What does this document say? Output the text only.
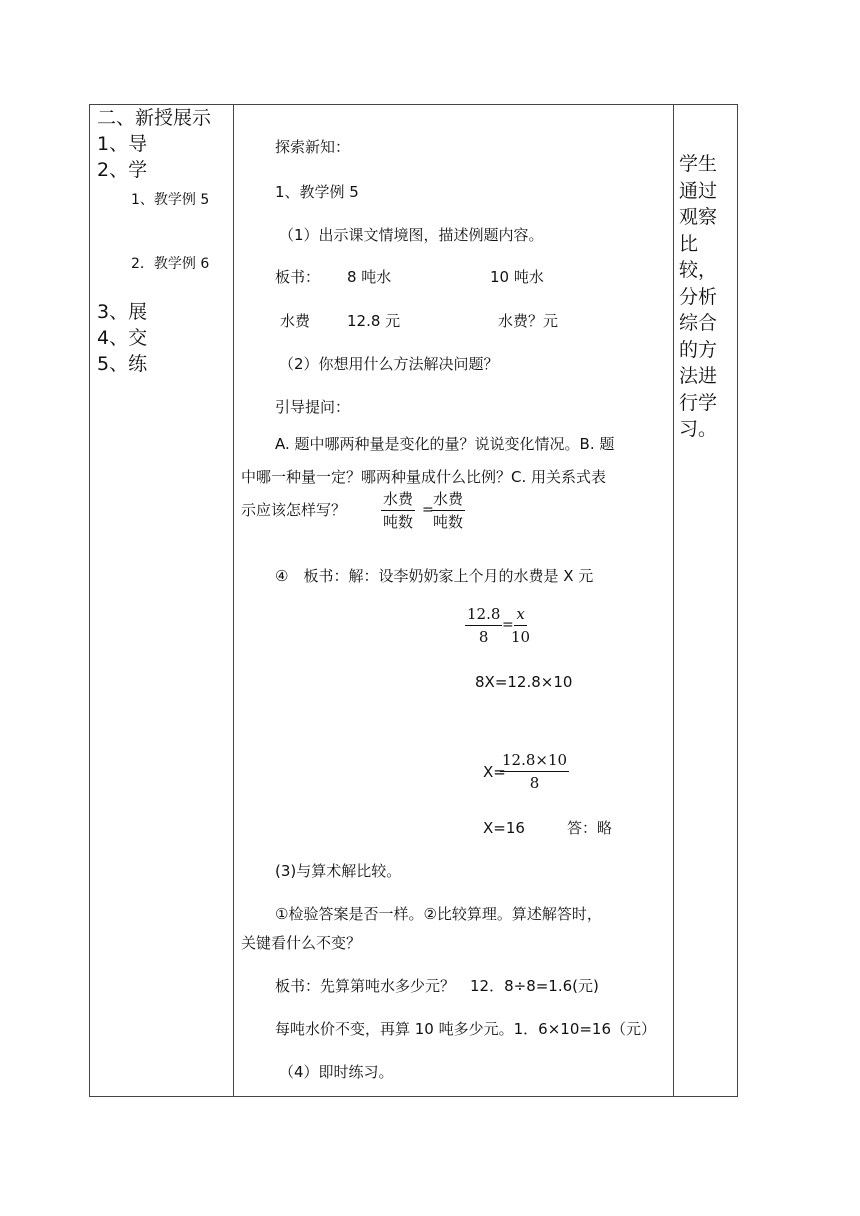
二、新授展示
1、导
2、学
1、教学例 5
2．教学例 6
3、展
4、交
5、练
探索新知：
1、教学例 5
（1）出示课文情境图，描述例题内容。
板书： 8 吨水	10 吨水
水费 12.8 元	水费？元
（2）你想用什么方法解决问题？
引导提问：
A. 题中哪两种量是变化的量？说说变化情况。B. 题
中哪一种量一定？哪两种量成什么比例？C. 用关系式表
示应该怎样写？
水费
吨数
=
水费
吨数
④　板书：解：设李奶奶家上个月的水费是 X 元
$\frac{12.8}{8}$ =
$\frac{x}{10}$
8X=12.8×10
X=
$\frac{12.8\times 10}{8}$
X=16	答：略
(3)与算术解比较。
①检验答案是否一样。②比较算理。算述解答时，
关键看什么不变？
板书：先算第吨水多少元？　12．8÷8=1.6(元)
每吨水价不变，再算 10 吨多少元。1．6×10=16（元）
（4）即时练习。
学生通过观察比较，分析综合的方法进行学习。
